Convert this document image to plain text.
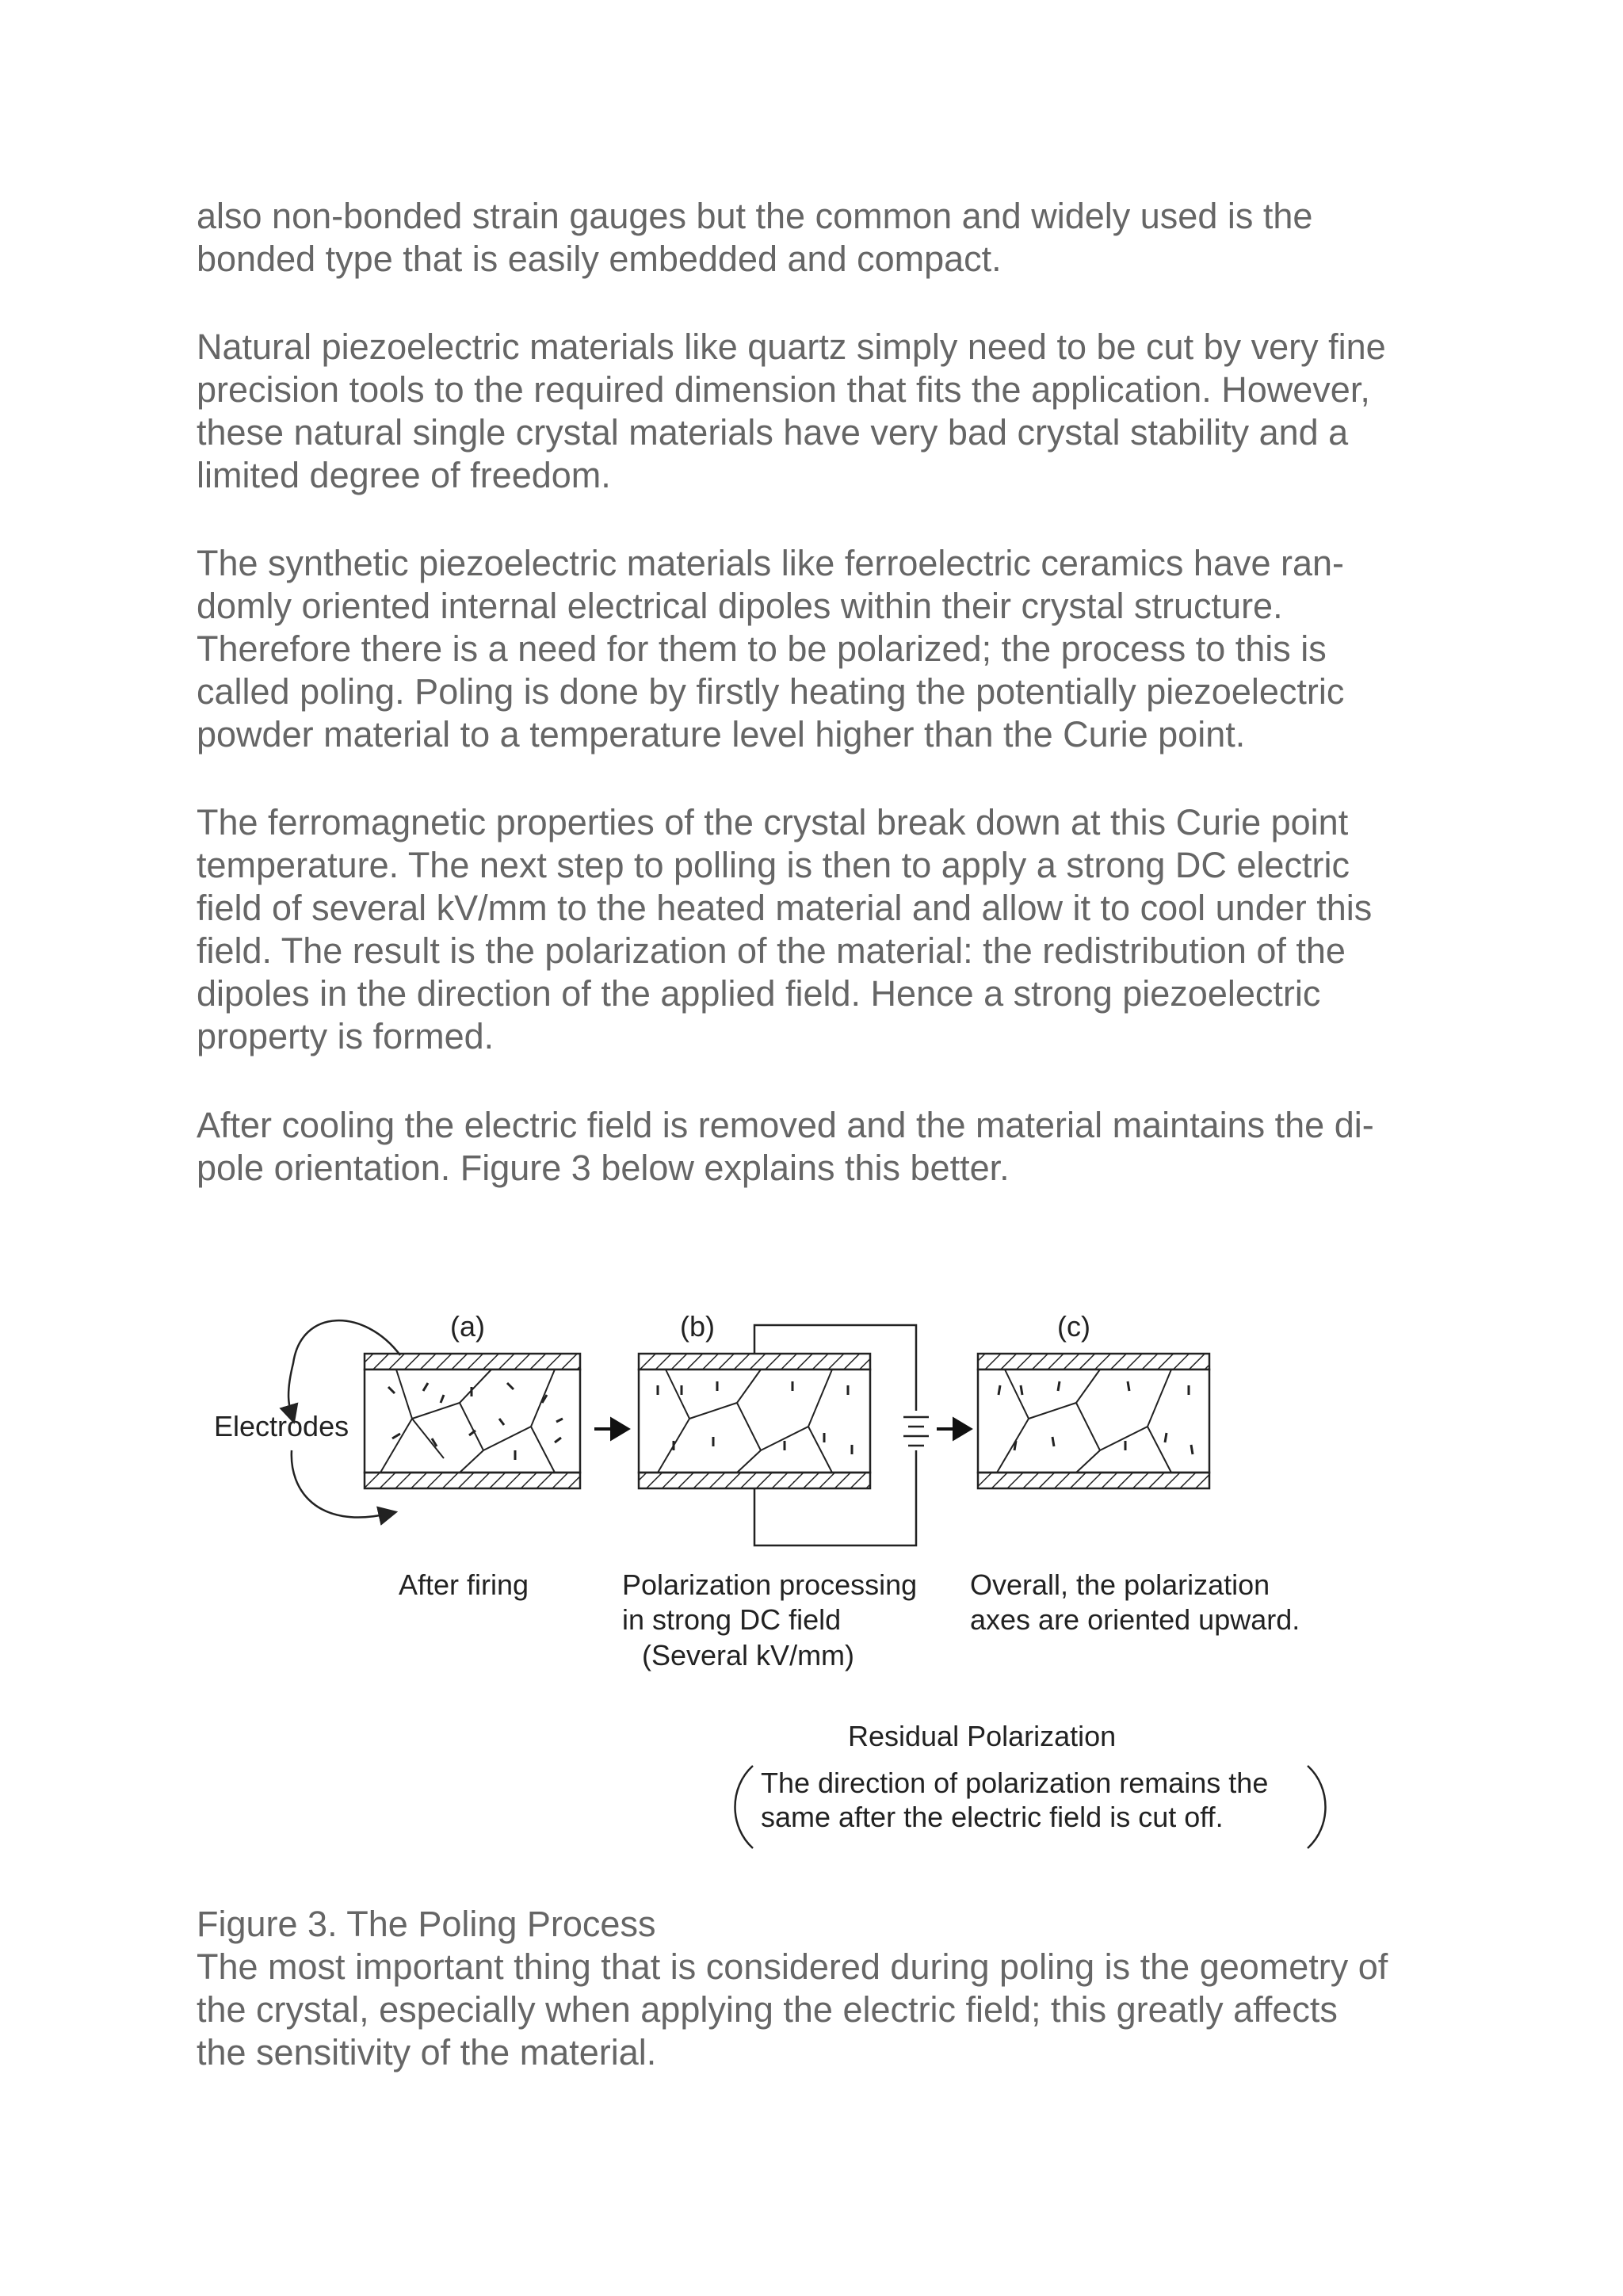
also non-bonded strain gauges but the common and widely used is the
bonded type that is easily embedded and compact.

Natural piezoelectric materials like quartz simply need to be cut by very fine
precision tools to the required dimension that fits the application. However,
these natural single crystal materials have very bad crystal stability and a
limited degree of freedom.

The synthetic piezoelectric materials like ferroelectric ceramics have ran-
domly oriented internal electrical dipoles within their crystal structure.
Therefore there is a need for them to be polarized; the process to this is
called poling. Poling is done by firstly heating the potentially piezoelectric
powder material to a temperature level higher than the Curie point.

The ferromagnetic properties of the crystal break down at this Curie point
temperature. The next step to polling is then to apply a strong DC electric
field of several kV/mm to the heated material and allow it to cool under this
field. The result is the polarization of the material: the redistribution of the
dipoles in the direction of the applied field. Hence a strong piezoelectric
property is formed.

After cooling the electric field is removed and the material maintains the di-
pole orientation. Figure 3 below explains this better.

(a)	(b)	(c)
Electrodes
After firing	Polarization processing
in strong DC field
(Several kV/mm)
Overall, the polarization
axes are oriented upward.
Residual Polarization
The direction of polarization remains the
same after the electric field is cut off.

Figure 3. The Poling Process

The most important thing that is considered during poling is the geometry of
the crystal, especially when applying the electric field; this greatly affects
the sensitivity of the material.
